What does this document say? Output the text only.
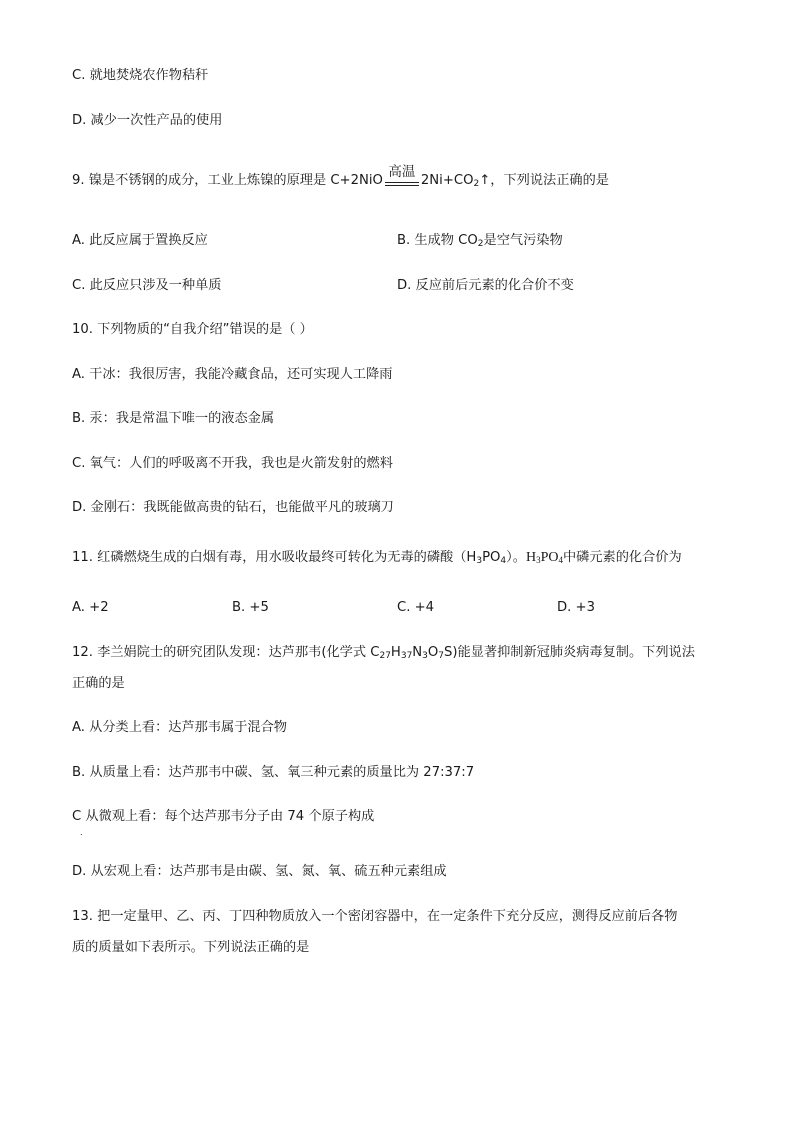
C. 就地焚烧农作物秸秆
D. 减少一次性产品的使用
9. 镍是不锈钢的成分，工业上炼镍的原理是 C+2NiO
高温
$2Ni+CO_2↑$，下列说法正确的是
A. 此反应属于置换反应	B. 生成物 $CO_2$是空气污染物
C. 此反应只涉及一种单质	D. 反应前后元素的化合价不变
10. 下列物质的“自我介绍”错误的是（ ）
A. 干冰：我很厉害，我能冷藏食品，还可实现人工降雨
B. 汞：我是常温下唯一的液态金属
C. 氧气：人们的呼吸离不开我，我也是火箭发射的燃料
D. 金刚石：我既能做高贵的钻石，也能做平凡的玻璃刀
11. 红磷燃烧生成的白烟有毒，用水吸收最终可转化为无毒的磷酸$(H_3PO_4)$。$H_3PO_4$中磷元素的化合价为
A. +2	B. +5	C. +4	D. +3
12. 李兰娟院士的研究团队发现：达芦那韦(化学式 $C_{27}H_{37}N_3O_7S$)能显著抑制新冠肺炎病毒复制。下列说法
正确的是
A. 从分类上看：达芦那韦属于混合物
B. 从质量上看：达芦那韦中碳、氢、氧三种元素的质量比为 27:37:7
C 从微观上看：每个达芦那韦分子由 74 个原子构成
.
D. 从宏观上看：达芦那韦是由碳、氢、氮、氧、硫五种元素组成
13. 把一定量甲、乙、丙、丁四种物质放入一个密闭容器中，在一定条件下充分反应，测得反应前后各物
质的质量如下表所示。下列说法正确的是
